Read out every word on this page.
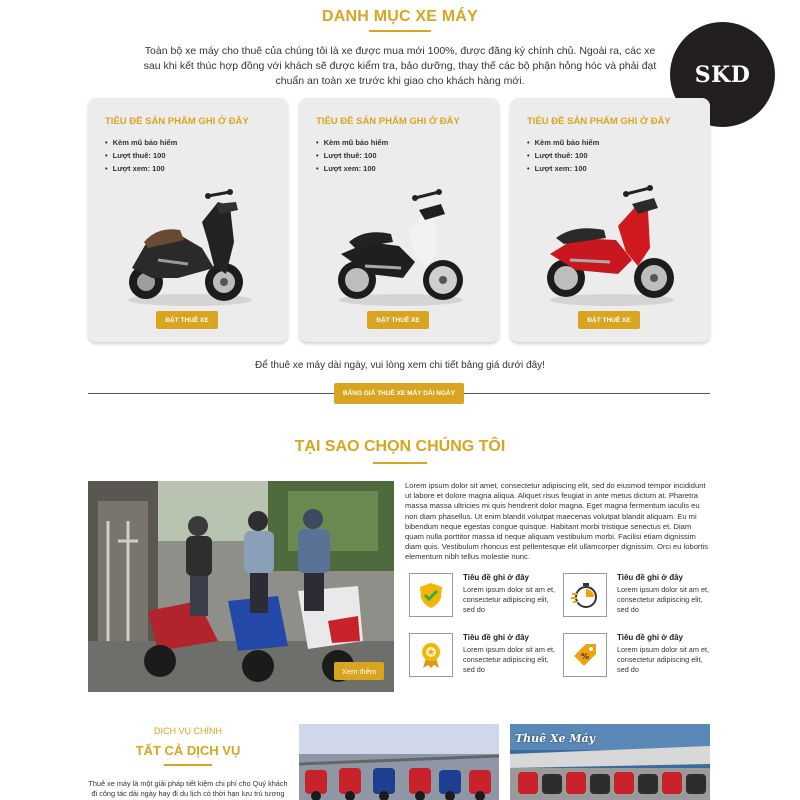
DANH MỤC XE MÁY

Toàn bộ xe máy cho thuê của chúng tôi là xe được mua mới 100%, được đăng ký chính chủ. Ngoài ra, các xe sau khi kết thúc hợp đồng với khách sẽ được kiểm tra, bảo dưỡng, thay thế các bộ phận hỏng hóc và phải đạt chuẩn an toàn xe trước khi giao cho khách hàng mới.	SKD
TIÊU ĐỀ SẢN PHẨM GHI Ở ĐÂY
• Kèm mũ bảo hiểm
• Lượt thuê: 100
• Lượt xem: 100
ĐẶT THUÊ XE
TIÊU ĐỀ SẢN PHẨM GHI Ở ĐÂY
• Kèm mũ bảo hiểm
• Lượt thuê: 100
• Lượt xem: 100
ĐẶT THUÊ XE
TIÊU ĐỀ SẢN PHẨM GHI Ở ĐÂY
• Kèm mũ bảo hiểm
• Lượt thuê: 100
• Lượt xem: 100
ĐẶT THUÊ XE
Để thuê xe máy dài ngày, vui lòng xem chi tiết bảng giá dưới đây!
BẢNG GIÁ THUÊ XE MÁY DÀI NGÀY
TẠI SAO CHỌN CHÚNG TÔI
Xem thêm

Lorem ipsum dolor sit amet, consectetur adipiscing elit, sed do eiusmod tempor incididunt ut labore et dolore magna aliqua. Aliquet risus feugiat in ante metus dictum at. Pharetra massa massa ultricies mi quis hendrerit dolor magna. Eget magna fermentum iaculis eu non diam phasellus. Ut enim blandit volutpat maecenas volutpat blandit aliquam. Eu mi bibendum neque egestas congue quisque. Habitant morbi tristique senectus et. Diam quam nulla porttitor massa id neque aliquam vestibulum morbi. Facilisi etiam dignissim diam quis. Vestibulum rhoncus est pellentesque elit ullamcorper dignissim. Orci eu lobortis elementum nibh tellus molestie nunc.

Tiêu đề ghi ở đây
Lorem ipsum dolor sit am et, consectetur adipiscing elit, sed do
Tiêu đề ghi ở đây
Lorem ipsum dolor sit am et, consectetur adipiscing elit, sed do
Tiêu đề ghi ở đây
Lorem ipsum dolor sit am et, consectetur adipiscing elit, sed do
%
Tiêu đề ghi ở đây
Lorem ipsum dolor sit am et, consectetur adipiscing elit, sed do
DỊCH VỤ CHÍNH
TẤT CẢ DỊCH VỤ

Thuê xe máy là một giải pháp tiết kiệm chi phí cho Quý khách đi công tác dài ngày hay đi du lịch có thời hạn lưu trú tương

Thuê Xe Máy
